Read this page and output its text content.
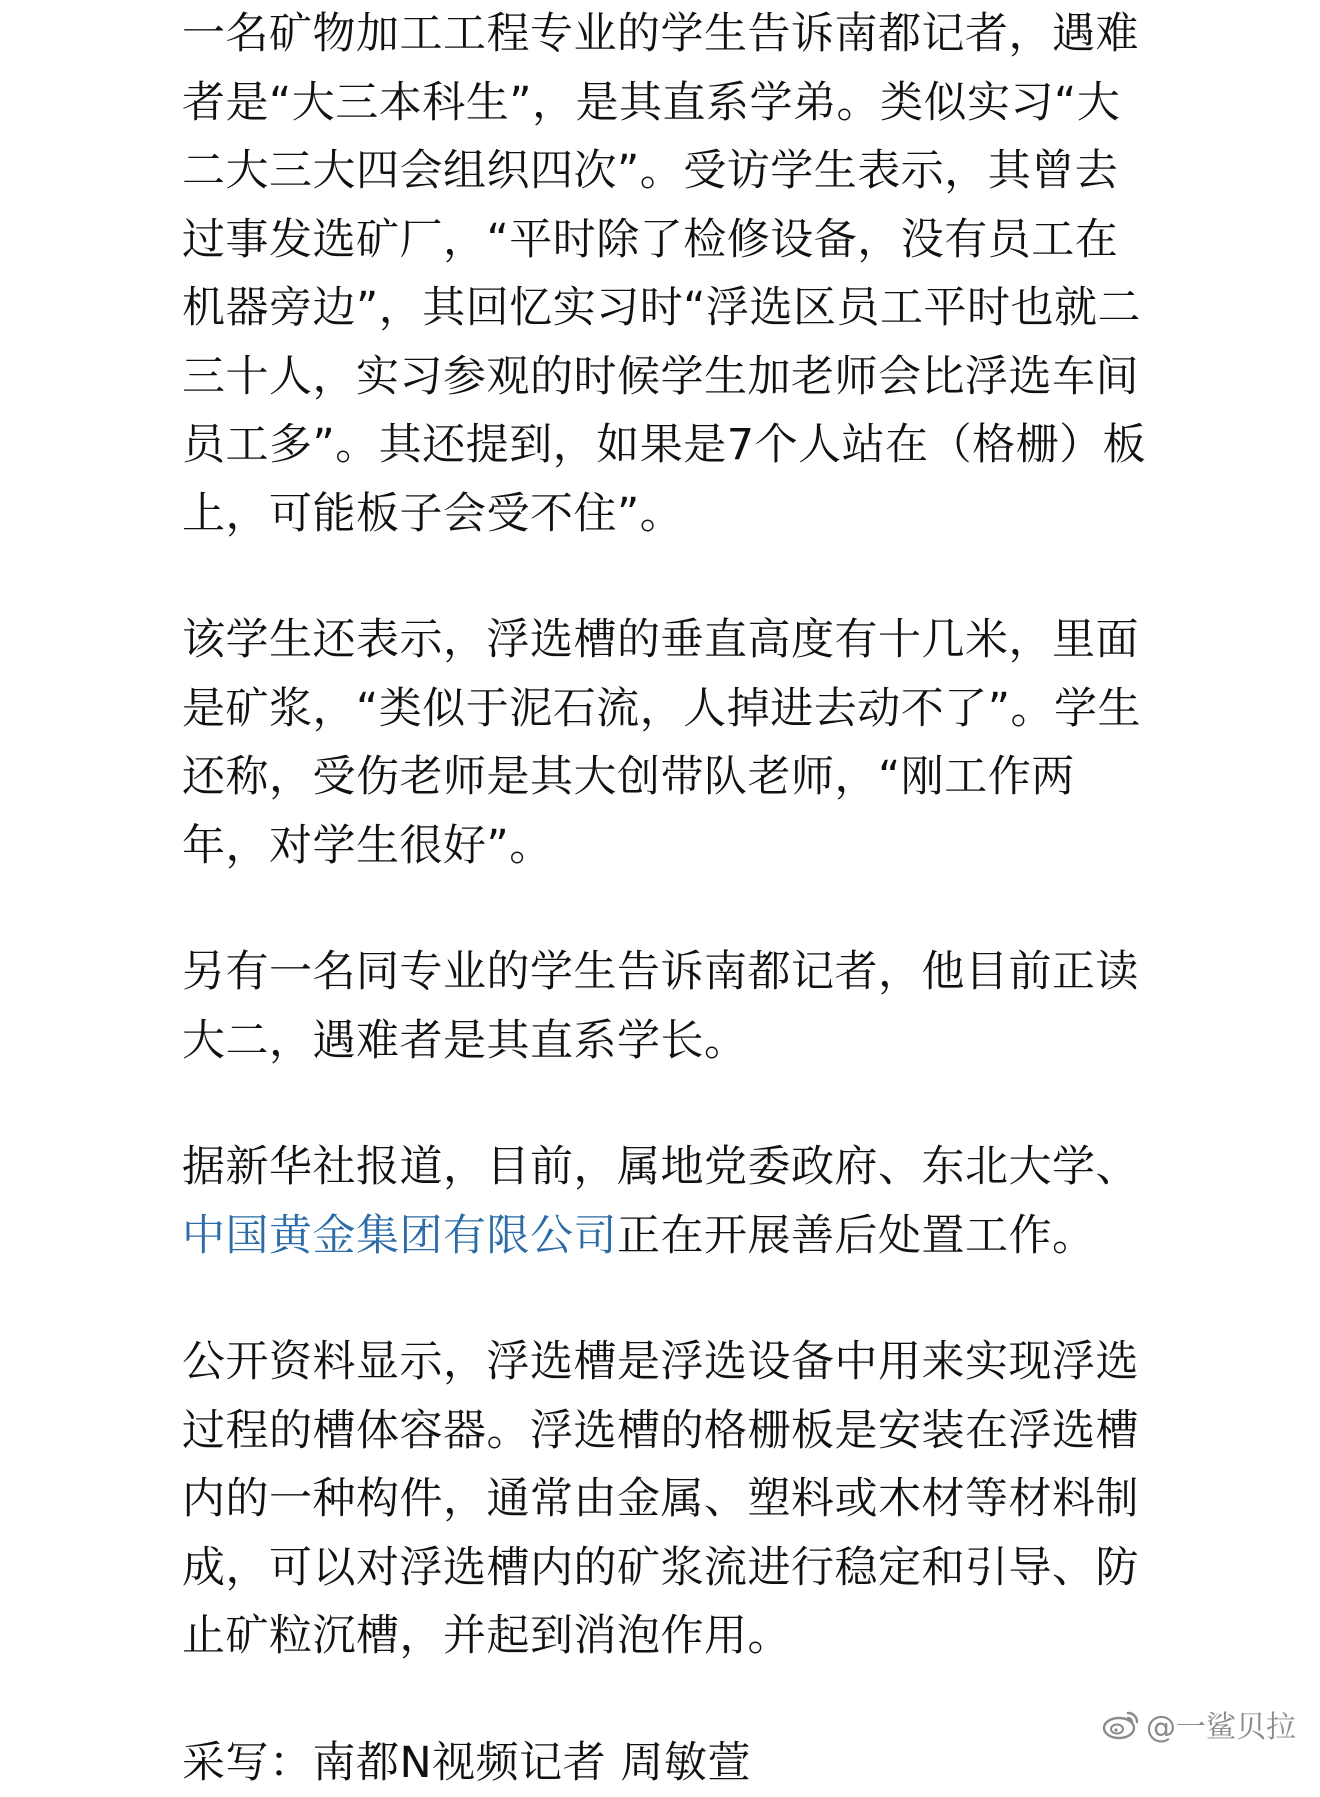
一名矿物加工工程专业的学生告诉南都记者，遇难
者是“大三本科生”，是其直系学弟。类似实习“大
二大三大四会组织四次”。受访学生表示，其曾去
过事发选矿厂，“平时除了检修设备，没有员工在
机器旁边”，其回忆实习时“浮选区员工平时也就二
三十人，实习参观的时候学生加老师会比浮选车间
员工多”。其还提到，如果是7个人站在（格栅）板
上，可能板子会受不住”。

该学生还表示，浮选槽的垂直高度有十几米，里面
是矿浆，“类似于泥石流，人掉进去动不了”。学生
还称，受伤老师是其大创带队老师，“刚工作两
年，对学生很好”。

另有一名同专业的学生告诉南都记者，他目前正读
大二，遇难者是其直系学长。

据新华社报道，目前，属地党委政府、东北大学、
中国黄金集团有限公司正在开展善后处置工作。

公开资料显示，浮选槽是浮选设备中用来实现浮选
过程的槽体容器。浮选槽的格栅板是安装在浮选槽
内的一种构件，通常由金属、塑料或木材等材料制
成，可以对浮选槽内的矿浆流进行稳定和引导、防
止矿粒沉槽，并起到消泡作用。

采写：南都N视频记者 周敏萱

@一鲨贝拉
